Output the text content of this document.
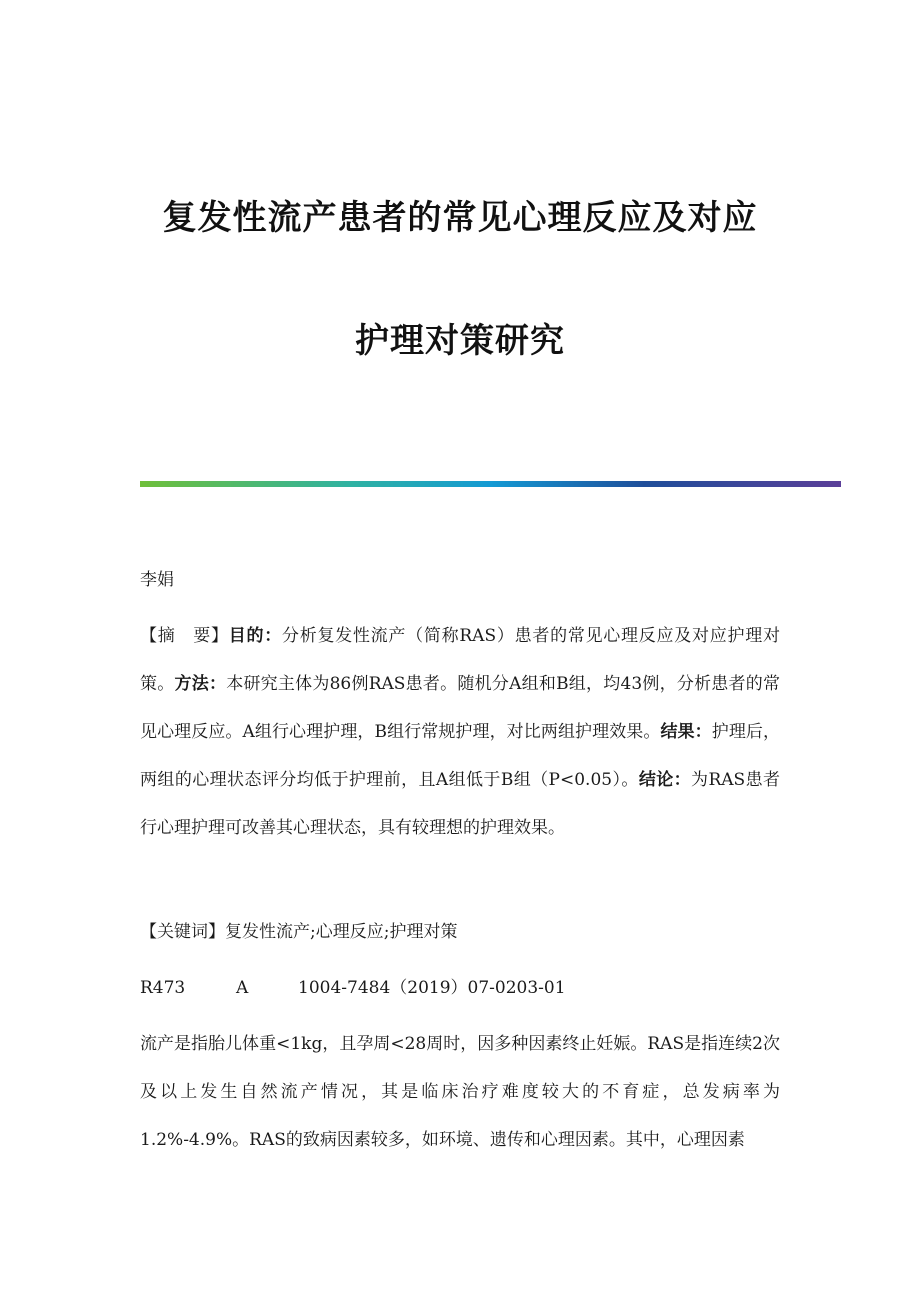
复发性流产患者的常见心理反应及对应
护理对策研究
李娟
【摘　要】目的：分析复发性流产（简称RAS）患者的常见心理反应及对应护理对策。方法：本研究主体为86例RAS患者。随机分A组和B组，均43例，分析患者的常见心理反应。A组行心理护理，B组行常规护理，对比两组护理效果。结果：护理后，两组的心理状态评分均低于护理前，且A组低于B组（P<0.05）。结论：为RAS患者行心理护理可改善其心理状态，具有较理想的护理效果。
【关键词】复发性流产;心理反应;护理对策
R473	A	1004-7484（2019）07-0203-01
流产是指胎儿体重<1kg，且孕周<28周时，因多种因素终止妊娠。RAS是指连续2次及以上发生自然流产情况，其是临床治疗难度较大的不育症，总发病率为1.2%-4.9%。RAS的致病因素较多，如环境、遗传和心理因素。其中，心理因素
